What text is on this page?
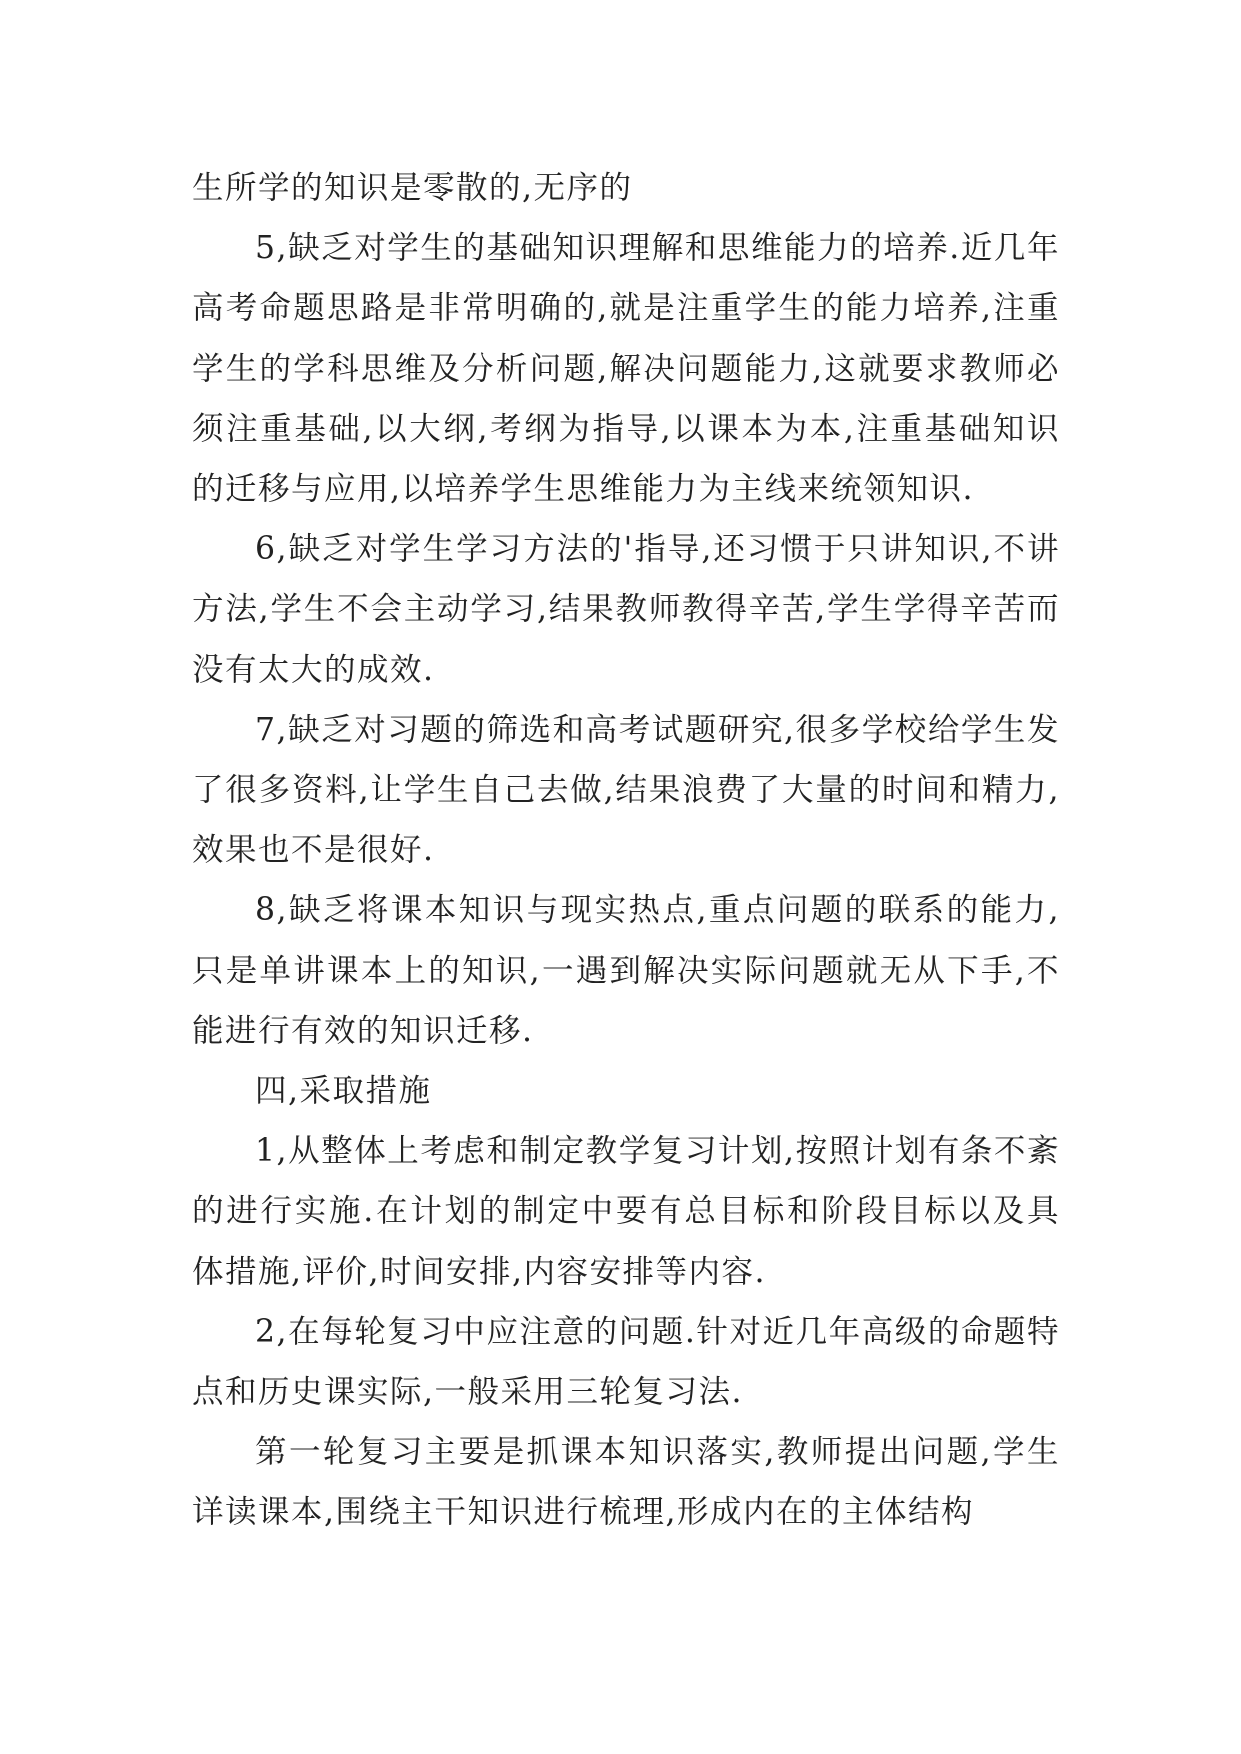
生所学的知识是零散的,无序的

5,缺乏对学生的基础知识理解和思维能力的培养.近几年高考命题思路是非常明确的,就是注重学生的能力培养,注重学生的学科思维及分析问题,解决问题能力,这就要求教师必须注重基础,以大纲,考纲为指导,以课本为本,注重基础知识的迁移与应用,以培养学生思维能力为主线来统领知识.

6,缺乏对学生学习方法的'指导,还习惯于只讲知识,不讲方法,学生不会主动学习,结果教师教得辛苦,学生学得辛苦而没有太大的成效.

7,缺乏对习题的筛选和高考试题研究,很多学校给学生发了很多资料,让学生自己去做,结果浪费了大量的时间和精力,效果也不是很好.

8,缺乏将课本知识与现实热点,重点问题的联系的能力,只是单讲课本上的知识,一遇到解决实际问题就无从下手,不能进行有效的知识迁移.

四,采取措施

1,从整体上考虑和制定教学复习计划,按照计划有条不紊的进行实施.在计划的制定中要有总目标和阶段目标以及具体措施,评价,时间安排,内容安排等内容.

2,在每轮复习中应注意的问题.针对近几年高级的命题特点和历史课实际,一般采用三轮复习法.

第一轮复习主要是抓课本知识落实,教师提出问题,学生详读课本,围绕主干知识进行梳理,形成内在的主体结构
